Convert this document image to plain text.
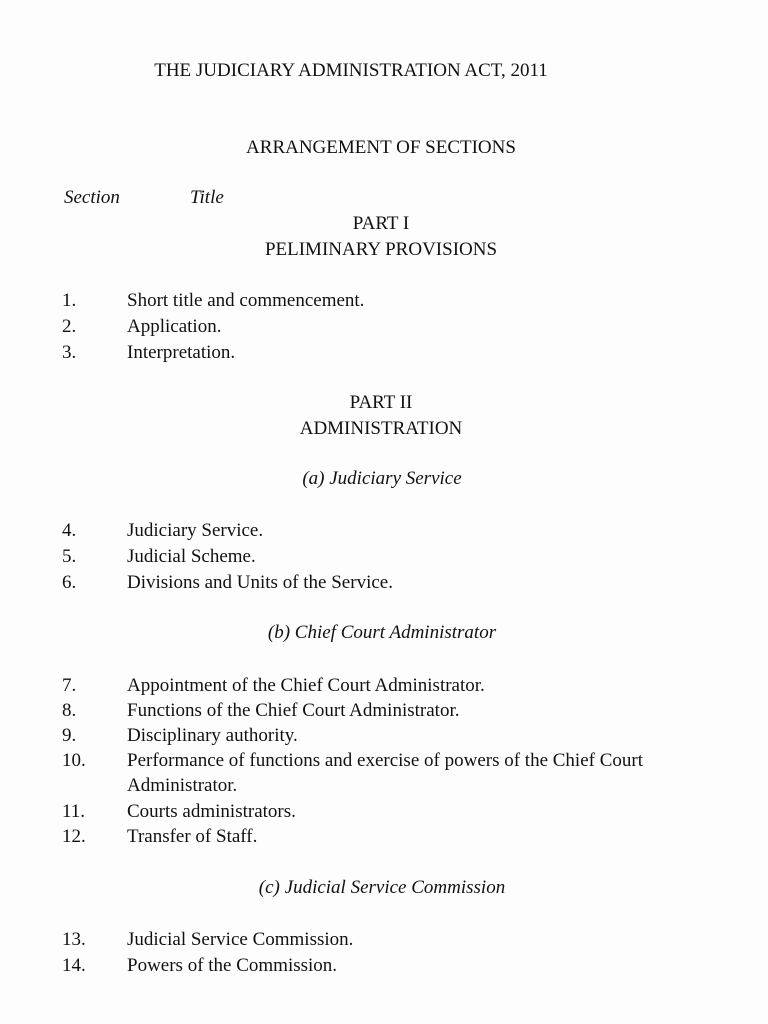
THE JUDICIARY ADMINISTRATION ACT, 2011
ARRANGEMENT OF SECTIONS
Section	Title
PART I
PELIMINARY PROVISIONS
1.	Short title and commencement.
2.	Application.
3.	Interpretation.
PART II
ADMINISTRATION
(a) Judiciary Service
4.	Judiciary Service.
5.	Judicial Scheme.
6.	Divisions and Units of the Service.
(b) Chief Court Administrator
7.	Appointment of the Chief Court Administrator.
8.	Functions of the Chief Court Administrator.
9.	Disciplinary authority.
10. Performance of functions and exercise of powers of the Chief Court
Administrator.
11. Courts administrators.
12. Transfer of Staff.
(c) Judicial Service Commission
13. Judicial Service Commission.
14. Powers of the Commission.
